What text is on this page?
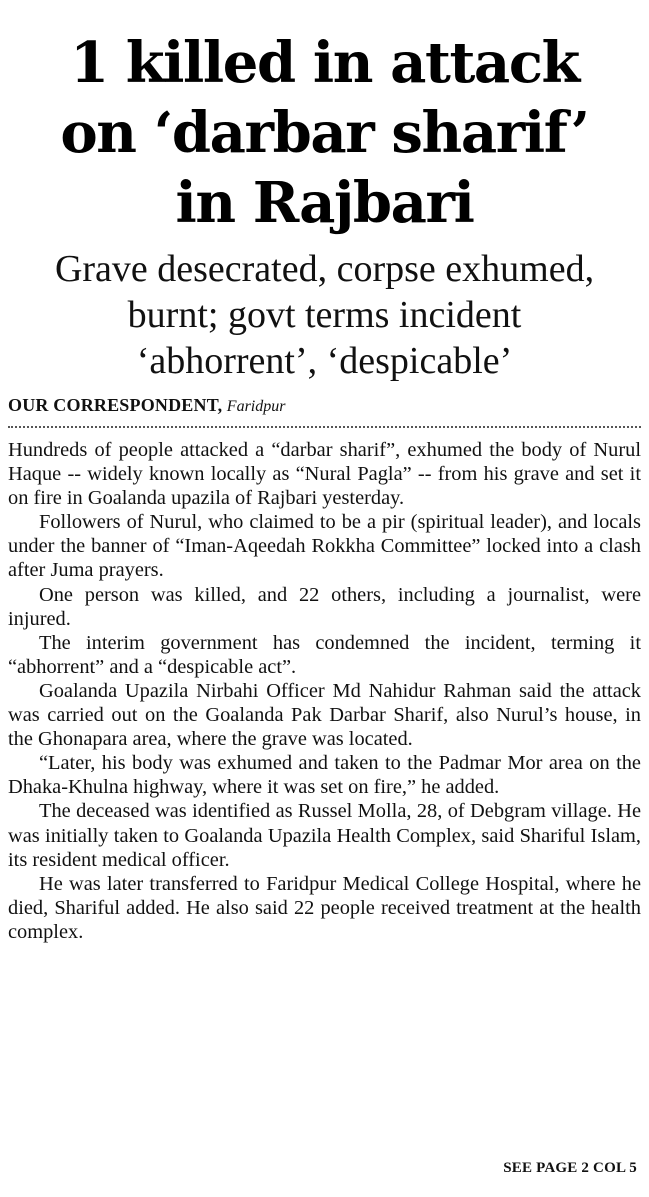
1 killed in attack
on ‘darbar sharif’
in Rajbari
Grave desecrated, corpse exhumed,
burnt; govt terms incident
‘abhorrent’, ‘despicable’
OUR CORRESPONDENT, Faridpur

Hundreds of people attacked a “darbar sharif”, exhumed the body of Nurul Haque -- widely known locally as “Nural Pagla” -- from his grave and set it on fire in Goalanda upazila of Rajbari yesterday.

Followers of Nurul, who claimed to be a pir (spiritual leader), and locals under the banner of “Iman-Aqeedah Rokkha Committee” locked into a clash after Juma prayers.

One person was killed, and 22 others, including a journalist, were injured.

The interim government has condemned the incident, terming it “abhorrent” and a “despicable act”.

Goalanda Upazila Nirbahi Officer Md Nahidur Rahman said the attack was carried out on the Goalanda Pak Darbar Sharif, also Nurul’s house, in the Ghonapara area, where the grave was located.

“Later, his body was exhumed and taken to the Padmar Mor area on the Dhaka-Khulna highway, where it was set on fire,” he added.

The deceased was identified as Russel Molla, 28, of Debgram village. He was initially taken to Goalanda Upazila Health Complex, said Shariful Islam, its resident medical officer.

He was later transferred to Faridpur Medical College Hospital, where he died, Shariful added. He also said 22 people received treatment at the health complex.

SEE PAGE 2 COL 5
